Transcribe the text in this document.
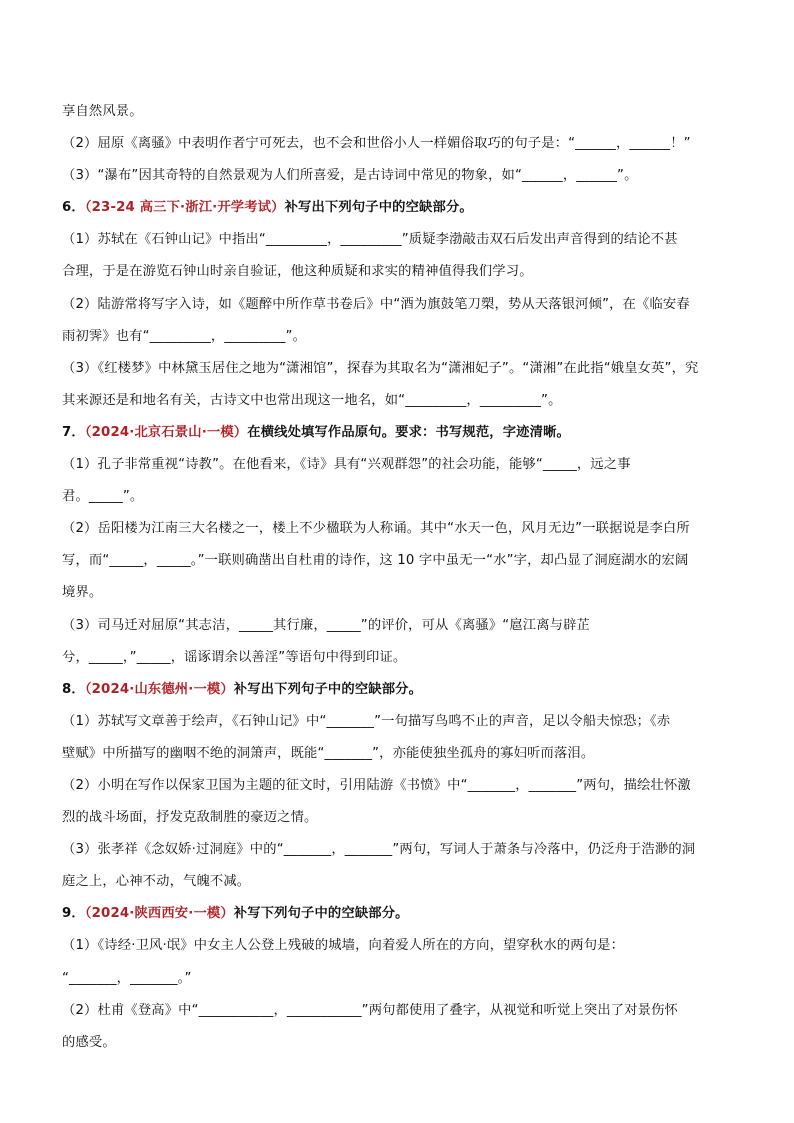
享自然风景。
（2）屈原《离骚》中表明作者宁可死去，也不会和世俗小人一样媚俗取巧的句子是：“______，______！”
（3）“瀑布”因其奇特的自然景观为人们所喜爱，是古诗词中常见的物象，如“______，______”。
6．（23-24 高三下·浙江·开学考试）补写出下列句子中的空缺部分。
（1）苏轼在《石钟山记》中指出“_________，_________”质疑李渤敲击双石后发出声音得到的结论不甚
合理，于是在游览石钟山时亲自验证，他这种质疑和求实的精神值得我们学习。
（2）陆游常将写字入诗，如《题醉中所作草书卷后》中“酒为旗鼓笔刀槊，势从天落银河倾”，在《临安春
雨初霁》也有“_________，_________”。
（3）《红楼梦》中林黛玉居住之地为“潇湘馆”，探春为其取名为“潇湘妃子”。“潇湘”在此指“娥皇女英”，究
其来源还是和地名有关，古诗文中也常出现这一地名，如“_________，_________”。
7．（2024·北京石景山·一模）在横线处填写作品原句。要求：书写规范，字迹清晰。
（1）孔子非常重视“诗教”。在他看来，《诗》具有“兴观群怨”的社会功能，能够“_____，远之事
君。_____”。
（2）岳阳楼为江南三大名楼之一，楼上不少楹联为人称诵。其中“水天一色，风月无边”一联据说是李白所
写，而“_____，_____。”一联则确凿出自杜甫的诗作，这 10 字中虽无一“水”字，却凸显了洞庭湖水的宏阔
境界。
（3）司马迁对屈原“其志洁，_____其行廉，_____”的评价，可从《离骚》“扈江离与辟芷
兮，_____，”_____，谣诼谓余以善淫”等语句中得到印证。
8．（2024·山东德州·一模）补写出下列句子中的空缺部分。
（1）苏轼写文章善于绘声，《石钟山记》中“_______”一句描写鸟鸣不止的声音，足以令船夫惊恐；《赤
壁赋》中所描写的幽咽不绝的洞箫声，既能“_______”，亦能使独坐孤舟的寡妇听而落泪。
（2）小明在写作以保家卫国为主题的征文时，引用陆游《书愤》中“_______，_______”两句，描绘壮怀激
烈的战斗场面，抒发克敌制胜的豪迈之情。
（3）张孝祥《念奴娇·过洞庭》中的“_______，_______”两句，写词人于萧条与冷落中，仍泛舟于浩渺的洞
庭之上，心神不动，气魄不减。
9．（2024·陕西西安·一模）补写下列句子中的空缺部分。
（1）《诗经·卫风·氓》中女主人公登上残破的城墙，向着爱人所在的方向，望穿秋水的两句是：
“_______，_______。”
（2）杜甫《登高》中“___________，___________”两句都使用了叠字，从视觉和听觉上突出了对景伤怀
的感受。
